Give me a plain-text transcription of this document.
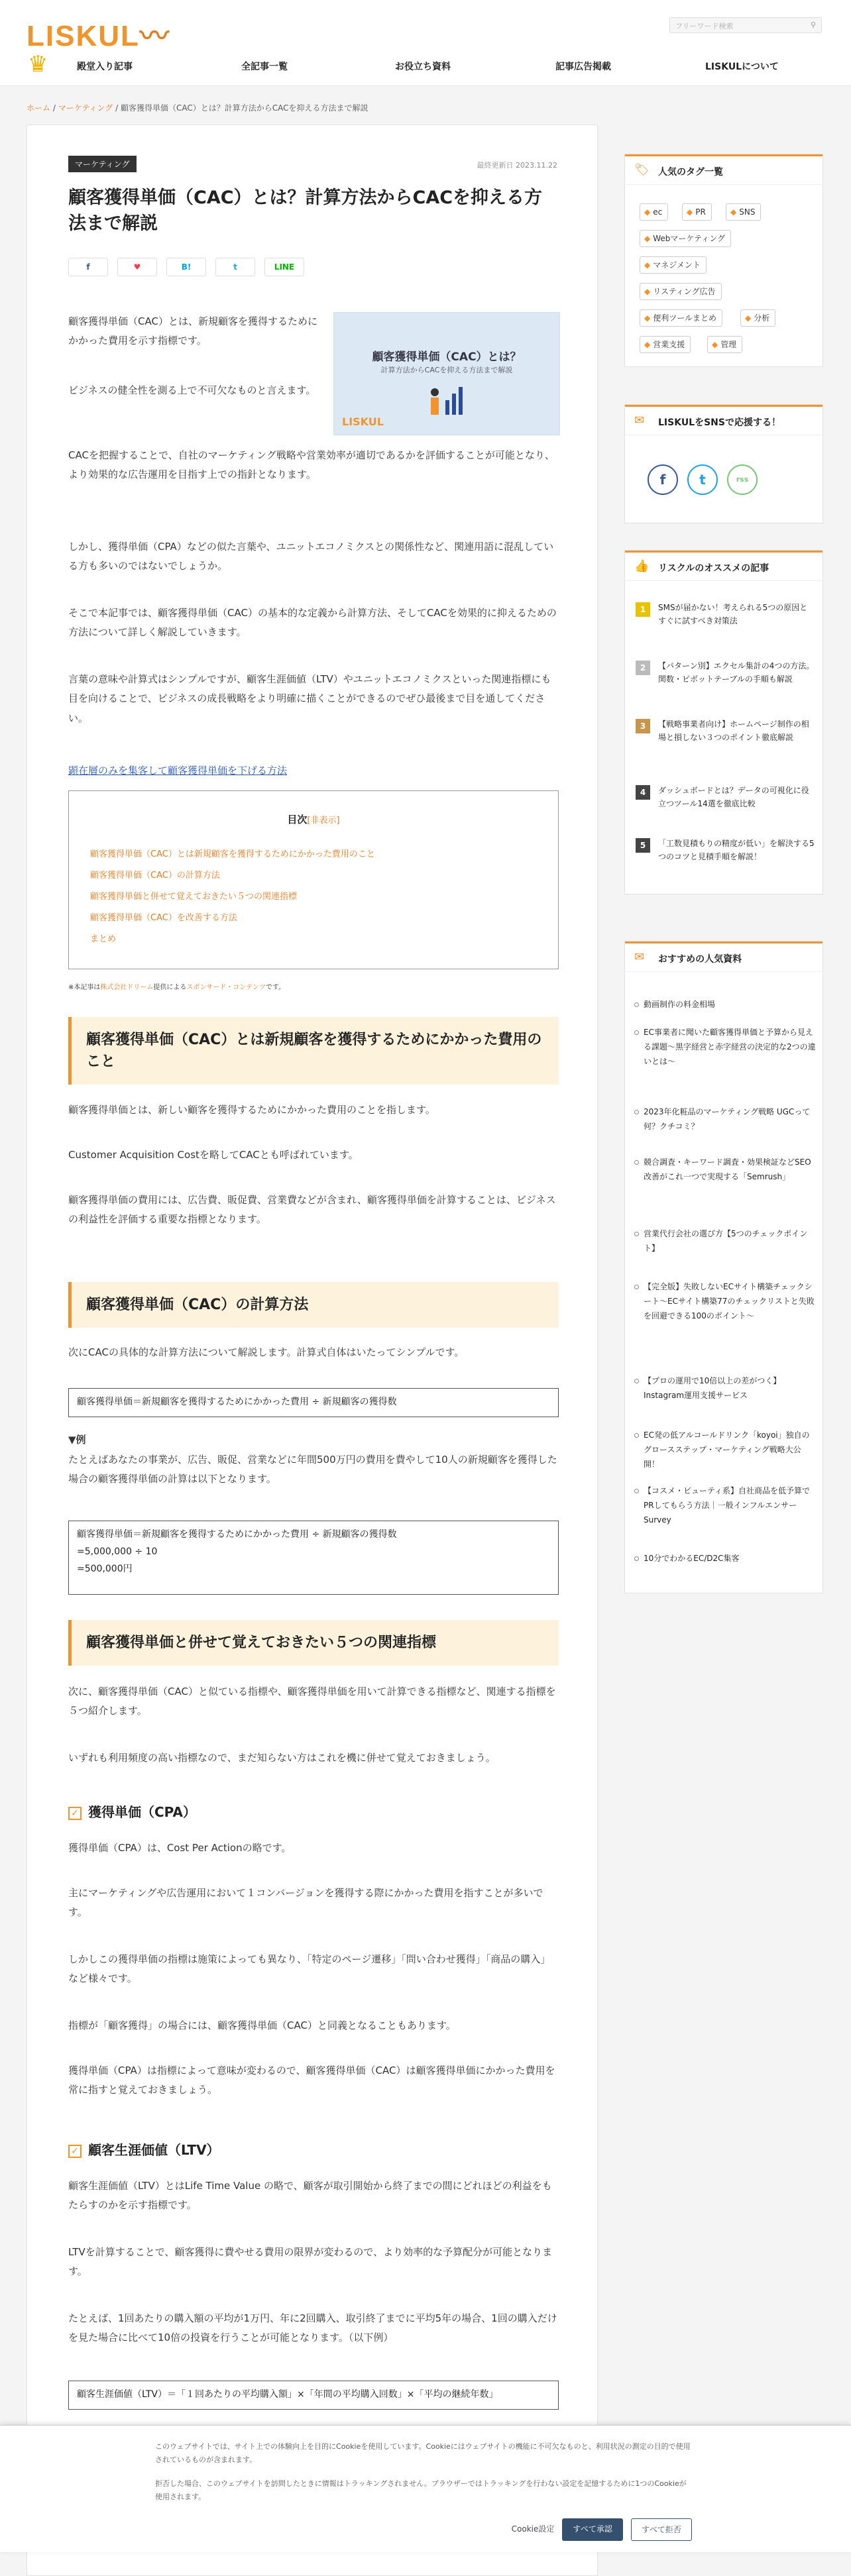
LISKUL〰	フリーワード検索	⚲
♛	殿堂入り記事	全記事一覧	お役立ち資料	記事広告掲載	LISKULについて
ホーム / マーケティング / 顧客獲得単価（CAC）とは？計算方法からCACを抑える方法まで解説
マーケティング	最終更新日 2023.11.22
顧客獲得単価（CAC）とは？計算方法からCACを抑える方法まで解説
f	♥	B!	t	LINE
顧客獲得単価（CAC）とは？
計算方法からCACを抑える方法まで解説
LISKUL

顧客獲得単価（CAC）とは、新規顧客を獲得するためにかかった費用を示す指標です。

ビジネスの健全性を測る上で不可欠なものと言えます。

CACを把握することで、自社のマーケティング戦略や営業効率が適切であるかを評価することが可能となり、より効果的な広告運用を目指す上での指針となります。

しかし、獲得単価（CPA）などの似た言葉や、ユニットエコノミクスとの関係性など、関連用語に混乱している方も多いのではないでしょうか。

そこで本記事では、顧客獲得単価（CAC）の基本的な定義から計算方法、そしてCACを効果的に抑えるための方法について詳しく解説していきます。

言葉の意味や計算式はシンプルですが、顧客生涯価値（LTV）やユニットエコノミクスといった関連指標にも目を向けることで、ビジネスの成長戦略をより明確に描くことができるのでぜひ最後まで目を通してください。

顕在層のみを集客して顧客獲得単価を下げる方法
目次[非表示]
顧客獲得単価（CAC）とは新規顧客を獲得するためにかかった費用のこと
顧客獲得単価（CAC）の計算方法
顧客獲得単価と併せて覚えておきたい５つの関連指標
顧客獲得単価（CAC）を改善する方法
まとめ
※本記事は株式会社ドリーム提供によるスポンサード・コンテンツです。
顧客獲得単価（CAC）とは新規顧客を獲得するためにかかった費用のこと

顧客獲得単価とは、新しい顧客を獲得するためにかかった費用のことを指します。

Customer Acquisition Costを略してCACとも呼ばれています。

顧客獲得単価の費用には、広告費、販促費、営業費などが含まれ、顧客獲得単価を計算することは、ビジネスの利益性を評価する重要な指標となります。

顧客獲得単価（CAC）の計算方法

次にCACの具体的な計算方法について解説します。計算式自体はいたってシンプルです。

顧客獲得単価＝新規顧客を獲得するためにかかった費用 ÷ 新規顧客の獲得数

▼例

たとえばあなたの事業が、広告、販促、営業などに年間500万円の費用を費やして10人の新規顧客を獲得した場合の顧客獲得単価の計算は以下となります。

顧客獲得単価＝新規顧客を獲得するためにかかった費用 ÷ 新規顧客の獲得数
=5,000,000 ÷ 10
=500,000円
顧客獲得単価と併せて覚えておきたい５つの関連指標

次に、顧客獲得単価（CAC）と似ている指標や、顧客獲得単価を用いて計算できる指標など、関連する指標を５つ紹介します。

いずれも利用頻度の高い指標なので、まだ知らない方はこれを機に併せて覚えておきましょう。

✓ 獲得単価（CPA）

獲得単価（CPA）は、Cost Per Actionの略です。

主にマーケティングや広告運用において１コンバージョンを獲得する際にかかった費用を指すことが多いです。

しかしこの獲得単価の指標は施策によっても異なり、「特定のページ遷移」「問い合わせ獲得」「商品の購入」など様々です。

指標が「顧客獲得」の場合には、顧客獲得単価（CAC）と同義となることもあります。

獲得単価（CPA）は指標によって意味が変わるので、顧客獲得単価（CAC）は顧客獲得単価にかかった費用を常に指すと覚えておきましょう。

✓ 顧客生涯価値（LTV）

顧客生涯価値（LTV）とはLife Time Value の略で、顧客が取引開始から終了までの間にどれほどの利益をもたらすのかを示す指標です。

LTVを計算することで、顧客獲得に費やせる費用の限界が変わるので、より効率的な予算配分が可能となります。

たとえば、1回あたりの購入額の平均が1万円、年に2回購入、取引終了までに平均5年の場合、1回の購入だけを見た場合に比べて10倍の投資を行うことが可能となります。（以下例）

顧客生涯価値（LTV）＝「１回あたりの平均購入額」×「年間の平均購入回数」×「平均の継続年数」
🏷 人気のタグ一覧
◆ ec	◆ PR	◆ SNS
◆ Webマーケティング
◆ マネジメント
◆ リスティング広告
◆ 便利ツールまとめ	◆ 分析
◆ 営業支援	◆ 管理
✉ LISKULをSNSで応援する！
f	t	rss
👍 リスクルのオススメの記事
1	SMSが届かない！考えられる5つの原因とすぐに試すべき対策法
2	【パターン別】エクセル集計の4つの方法。関数・ピボットテーブルの手順も解説
3	【戦略事業者向け】ホームページ制作の相場と損しない３つのポイント徹底解説
4	ダッシュボードとは？データの可視化に役立つツール14選を徹底比較
5	「工数見積もりの精度が低い」を解決する5つのコツと見積手順を解説！
✉ おすすめの人気資料
動画制作の料金相場
EC事業者に聞いた顧客獲得単価と予算から見える課題〜黒字経営と赤字経営の決定的な2つの違いとは〜
2023年化粧品のマーケティング戦略 UGCって何？クチコミ？
競合調査・キーワード調査・効果検証などSEO改善がこれ一つで実現する「Semrush」
営業代行会社の選び方【5つのチェックポイント】
【完全版】失敗しないECサイト構築チェックシート〜ECサイト構築77のチェックリストと失敗を回避できる100のポイント〜
【プロの運用で10倍以上の差がつく】Instagram運用支援サービス
EC発の低アルコールドリンク「koyoi」独自のグロースステップ・マーケティング戦略大公開！
【コスメ・ビューティ系】自社商品を低予算でPRしてもらう方法｜一般インフルエンサーSurvey
10分でわかるEC/D2C集客

このウェブサイトでは、サイト上での体験向上を目的にCookieを使用しています。Cookieにはウェブサイトの機能に不可欠なものと、利用状況の測定の目的で使用されているものが含まれます。

拒否した場合、このウェブサイトを訪問したときに情報はトラッキングされません。ブラウザーではトラッキングを行わない設定を記憶するために1つのCookieが使用されます。

Cookie設定	すべて承認	すべて拒否
